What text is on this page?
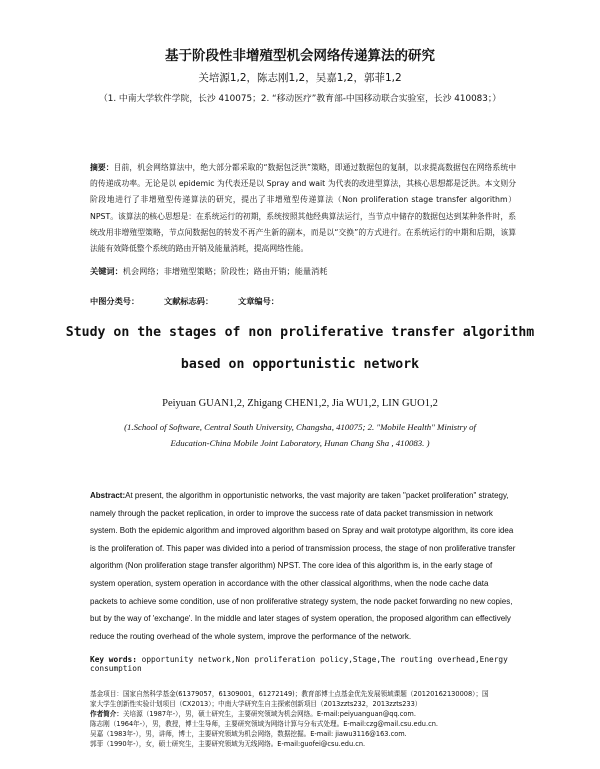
基于阶段性非增殖型机会网络传递算法的研究
关培源1,2，陈志刚1,2，吴嘉1,2，郭菲1,2
（1. 中南大学软件学院，长沙 410075；2. “移动医疗”教育部-中国移动联合实验室，长沙 410083；）
摘要：目前，机会网络算法中，绝大部分都采取的“数据包泛洪”策略，即通过数据包的复制，以求提高数据包在网络系统中的传递成功率。无论是以 epidemic 为代表还是以 Spray and wait 为代表的改进型算法，其核心思想都是泛洪。本文则分阶段地进行了非增殖型传递算法的研究，提出了非增殖型传递算法（Non proliferation stage transfer algorithm）NPST。该算法的核心思想是：在系统运行的初期，系统按照其他经典算法运行，当节点中储存的数据包达到某种条件时，系统改用非增殖型策略，节点间数据包的转发不再产生新的副本，而是以“交换”的方式进行。在系统运行的中期和后期，该算法能有效降低整个系统的路由开销及能量消耗，提高网络性能。
关键词：机会网络；非增殖型策略；阶段性；路由开销；能量消耗
中图分类号：	文献标志码：	文章编号：
Study on the stages of non proliferative transfer algorithm
based on opportunistic network
Peiyuan GUAN1,2, Zhigang CHEN1,2, Jia WU1,2, LIN GUO1,2
(1.School of Software, Central South University, Changsha, 410075; 2. "Mobile Health" Ministry of Education-China Mobile Joint Laboratory, Hunan Chang Sha , 410083. )
Abstract:At present, the algorithm in opportunistic networks, the vast majority are taken "packet proliferation" strategy, namely through the packet replication, in order to improve the success rate of data packet transmission in network system. Both the epidemic algorithm and improved algorithm based on Spray and wait prototype algorithm, its core idea is the proliferation of. This paper was divided into a period of transmission process, the stage of non proliferative transfer algorithm (Non proliferation stage transfer algorithm) NPST. The core idea of this algorithm is, in the early stage of system operation, system operation in accordance with the other classical algorithms, when the node cache data packets to achieve some condition, use of non proliferative strategy system, the node packet forwarding no new copies, but by the way of 'exchange'. In the middle and later stages of system operation, the proposed algorithm can effectively reduce the routing overhead of the whole system, improve the performance of the network.
Key words: opportunity network,Non proliferation policy,Stage,The routing overhead,Energy consumption
基金项目：国家自然科学基金(61379057，61309001，61272149)；教育部博士点基金优先发展领域课题（20120162130008）；国
家大学生创新性实验计划项目（CX2013）；中南大学研究生自主探索创新项目（2013zzts232，2013zzts233）
作者简介：关培源（1987年-），男，硕士研究生，主要研究领域为机会网络。E-mail:peiyuanguan@qq.com.
陈志刚（1964年-），男，教授，博士生导师，主要研究领域为网络计算与分布式处理。E-mail:czg@mail.csu.edu.cn.
吴嘉（1983年-），男，讲师，博士，主要研究领域为机会网络，数据挖掘。E-mail: jiawu3116@163.com.
郭菲（1990年-），女，硕士研究生，主要研究领域为无线网络。E-mail:guofei@csu.edu.cn.
